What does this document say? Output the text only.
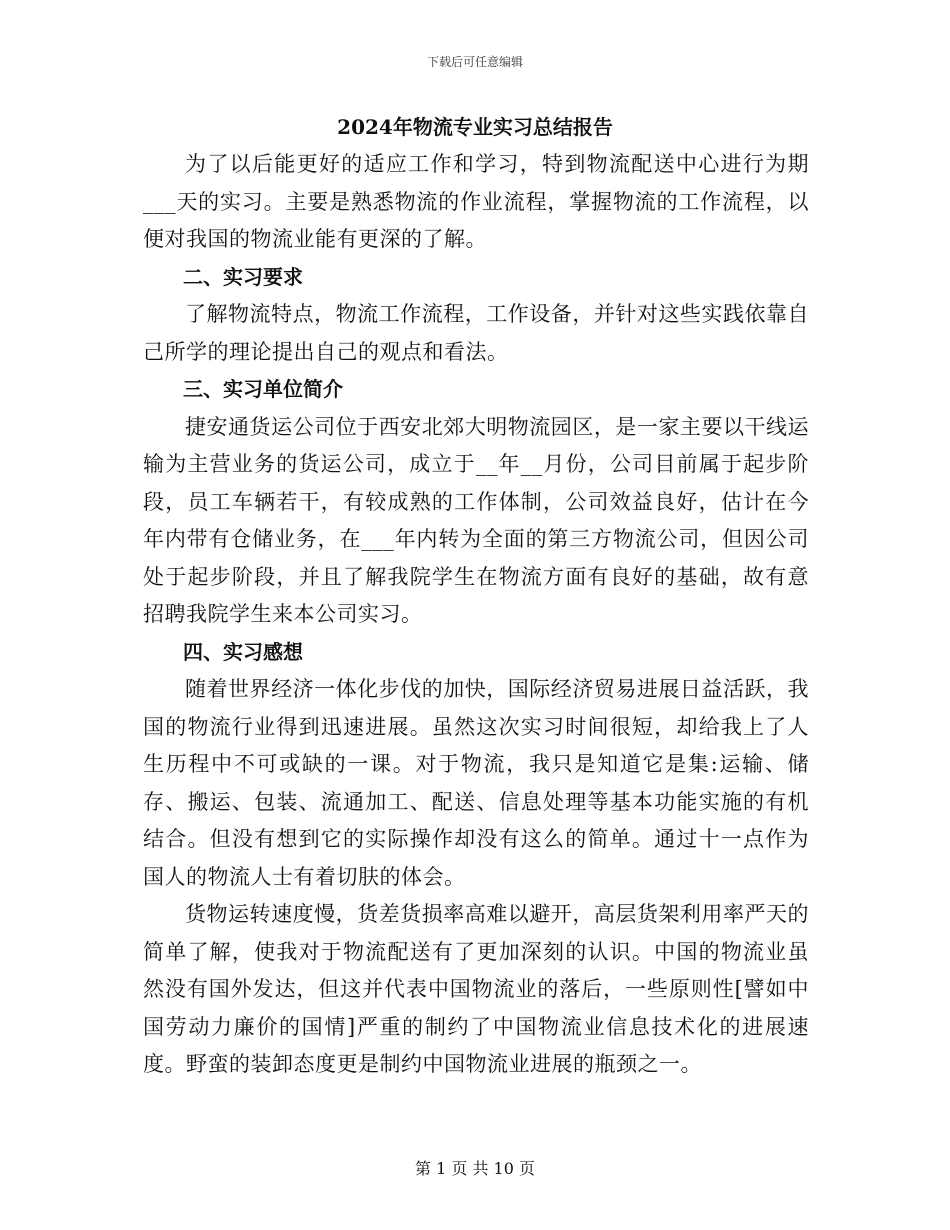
下载后可任意编辑
2024年物流专业实习总结报告

为了以后能更好的适应工作和学习，特到物流配送中心进行为期___天的实习。主要是熟悉物流的作业流程，掌握物流的工作流程，以便对我国的物流业能有更深的了解。

二、实习要求

了解物流特点，物流工作流程，工作设备，并针对这些实践依靠自己所学的理论提出自己的观点和看法。

三、实习单位简介

捷安通货运公司位于西安北郊大明物流园区，是一家主要以干线运输为主营业务的货运公司，成立于__年__月份，公司目前属于起步阶段，员工车辆若干，有较成熟的工作体制，公司效益良好，估计在今年内带有仓储业务，在___年内转为全面的第三方物流公司，但因公司处于起步阶段，并且了解我院学生在物流方面有良好的基础，故有意招聘我院学生来本公司实习。

四、实习感想

随着世界经济一体化步伐的加快，国际经济贸易进展日益活跃，我国的物流行业得到迅速进展。虽然这次实习时间很短，却给我上了人生历程中不可或缺的一课。对于物流，我只是知道它是集:运输、储存、搬运、包装、流通加工、配送、信息处理等基本功能实施的有机结合。但没有想到它的实际操作却没有这么的简单。通过十一点作为国人的物流人士有着切肤的体会。

货物运转速度慢，货差货损率高难以避开，高层货架利用率严天的简单了解，使我对于物流配送有了更加深刻的认识。中国的物流业虽然没有国外发达，但这并代表中国物流业的落后，一些原则性[譬如中国劳动力廉价的国情]严重的制约了中国物流业信息技术化的进展速度。野蛮的装卸态度更是制约中国物流业进展的瓶颈之一。

第 1 页 共 10 页
